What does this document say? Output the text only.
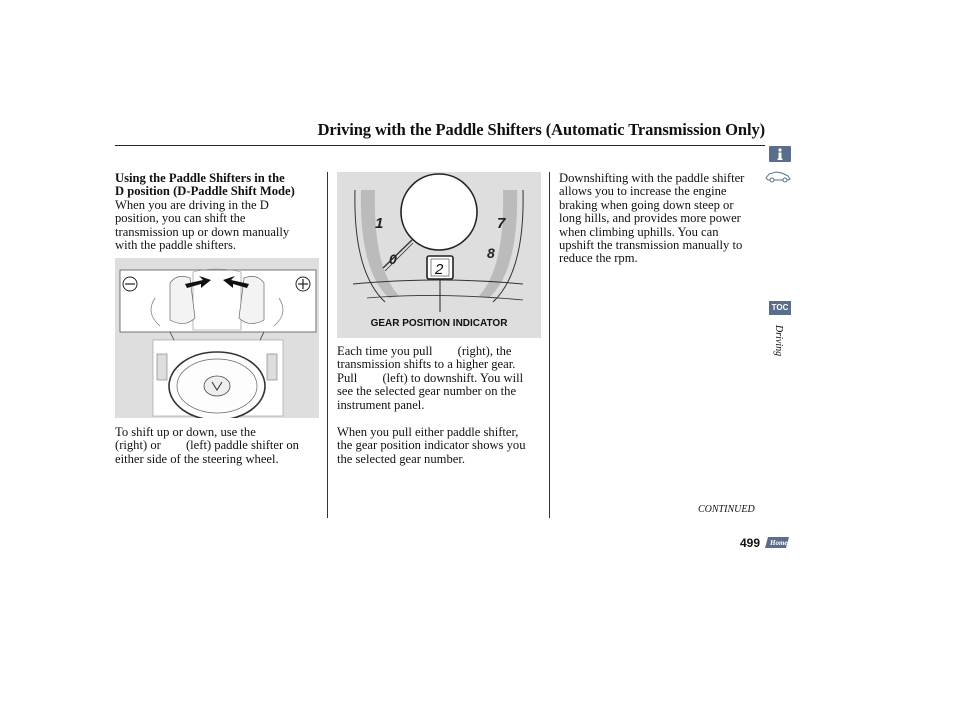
Driving with the Paddle Shifters (Automatic Transmission Only)
Using the Paddle Shifters in the
D position (D-Paddle Shift Mode)
When you are driving in the D
position, you can shift the
transmission up or down manually
with the paddle shifters.
To shift up or down, use the
(right) or (left) paddle shifter on
either side of the steering wheel.
1
0
7
8
2
GEAR POSITION INDICATOR
Each time you pull (right), the
transmission shifts to a higher gear.
Pull (left) to downshift. You will
see the selected gear number on the
instrument panel.
When you pull either paddle shifter,
the gear position indicator shows you
the selected gear number.
Downshifting with the paddle shifter
allows you to increase the engine
braking when going down steep or
long hills, and provides more power
when climbing uphills. You can
upshift the transmission manually to
reduce the rpm.
TOC
Driving
CONTINUED
499 Home
